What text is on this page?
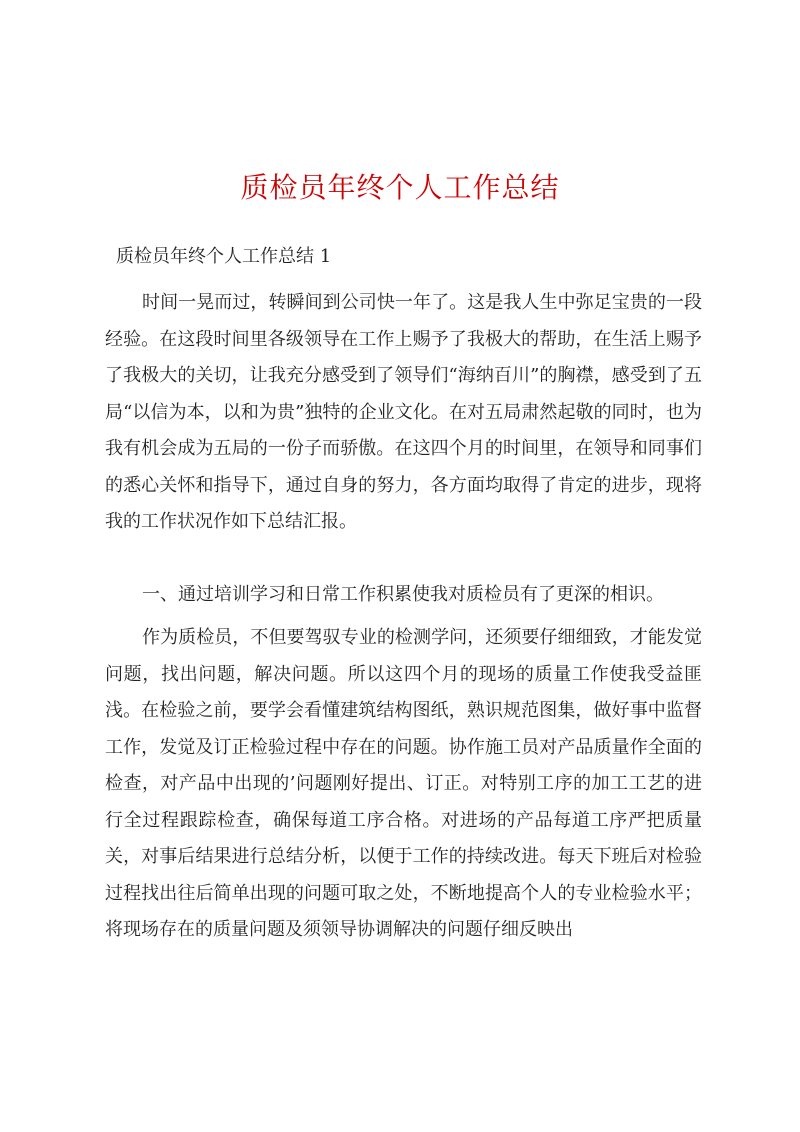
质检员年终个人工作总结

质检员年终个人工作总结 1

时间一晃而过，转瞬间到公司快一年了。这是我人生中弥足宝贵的一段经验。在这段时间里各级领导在工作上赐予了我极大的帮助，在生活上赐予了我极大的关切，让我充分感受到了领导们“海纳百川”的胸襟，感受到了五局“以信为本，以和为贵”独特的企业文化。在对五局肃然起敬的同时，也为我有机会成为五局的一份子而骄傲。在这四个月的时间里，在领导和同事们的悉心关怀和指导下，通过自身的努力，各方面均取得了肯定的进步，现将我的工作状况作如下总结汇报。

一、通过培训学习和日常工作积累使我对质检员有了更深的相识。

作为质检员，不但要驾驭专业的检测学问，还须要仔细细致，才能发觉问题，找出问题，解决问题。所以这四个月的现场的质量工作使我受益匪浅。在检验之前，要学会看懂建筑结构图纸，熟识规范图集，做好事中监督工作，发觉及订正检验过程中存在的问题。协作施工员对产品质量作全面的检查，对产品中出现的’问题刚好提出、订正。对特别工序的加工工艺的进行全过程跟踪检查，确保每道工序合格。对进场的产品每道工序严把质量关，对事后结果进行总结分析，以便于工作的持续改进。每天下班后对检验过程找出往后简单出现的问题可取之处，不断地提高个人的专业检验水平；将现场存在的质量问题及须领导协调解决的问题仔细反映出
